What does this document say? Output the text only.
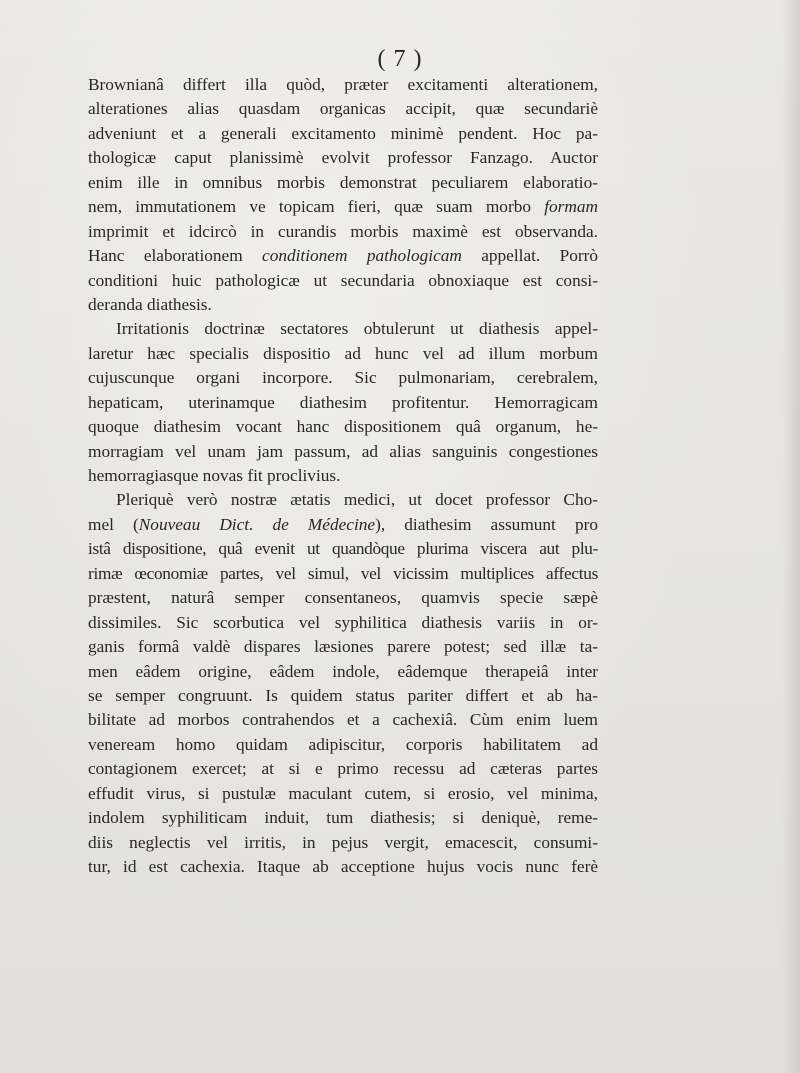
( 7 )
Brownianâ differt illa quòd, præter excitamenti alterationem,
alterationes alias quasdam organicas accipit, quæ secundariè
adveniunt et a generali excitamento minimè pendent. Hoc pa-
thologicæ caput planissimè evolvit professor Fanzago. Auctor
enim ille in omnibus morbis demonstrat peculiarem elaboratio-
nem, immutationem ve topicam fieri, quæ suam morbo formam
imprimit et idcircò in curandis morbis maximè est observanda.
Hanc elaborationem conditionem pathologicam appellat. Porrò
conditioni huic pathologicæ ut secundaria obnoxiaque est consi-
deranda diathesis.
Irritationis doctrinæ sectatores obtulerunt ut diathesis appel-
laretur hæc specialis dispositio ad hunc vel ad illum morbum
cujuscunque organi incorpore. Sic pulmonariam, cerebralem,
hepaticam, uterinamque diathesim profitentur. Hemorragicam
quoque diathesim vocant hanc dispositionem quâ organum, he-
morragiam vel unam jam passum, ad alias sanguinis congestiones
hemorragiasque novas fit proclivius.
Pleriquè verò nostræ ætatis medici, ut docet professor Cho-
mel (Nouveau Dict. de Médecine), diathesim assumunt pro
istâ dispositione, quâ evenit ut quandòque plurima viscera aut plu-
rimæ œconomiæ partes, vel simul, vel vicissim multiplices affectus
præstent, naturâ semper consentaneos, quamvis specie sæpè
dissimiles. Sic scorbutica vel syphilitica diathesis variis in or-
ganis formâ valdè dispares læsiones parere potest; sed illæ ta-
men eâdem origine, eâdem indole, eâdemque therapeiâ inter
se semper congruunt. Is quidem status pariter differt et ab ha-
bilitate ad morbos contrahendos et a cachexiâ. Cùm enim luem
veneream homo quidam adipiscitur, corporis habilitatem ad
contagionem exercet; at si e primo recessu ad cæteras partes
effudit virus, si pustulæ maculant cutem, si erosio, vel minima,
indolem syphiliticam induit, tum diathesis; si deniquè, reme-
diis neglectis vel irritis, in pejus vergit, emacescit, consumi-
tur, id est cachexia. Itaque ab acceptione hujus vocis nunc ferè
